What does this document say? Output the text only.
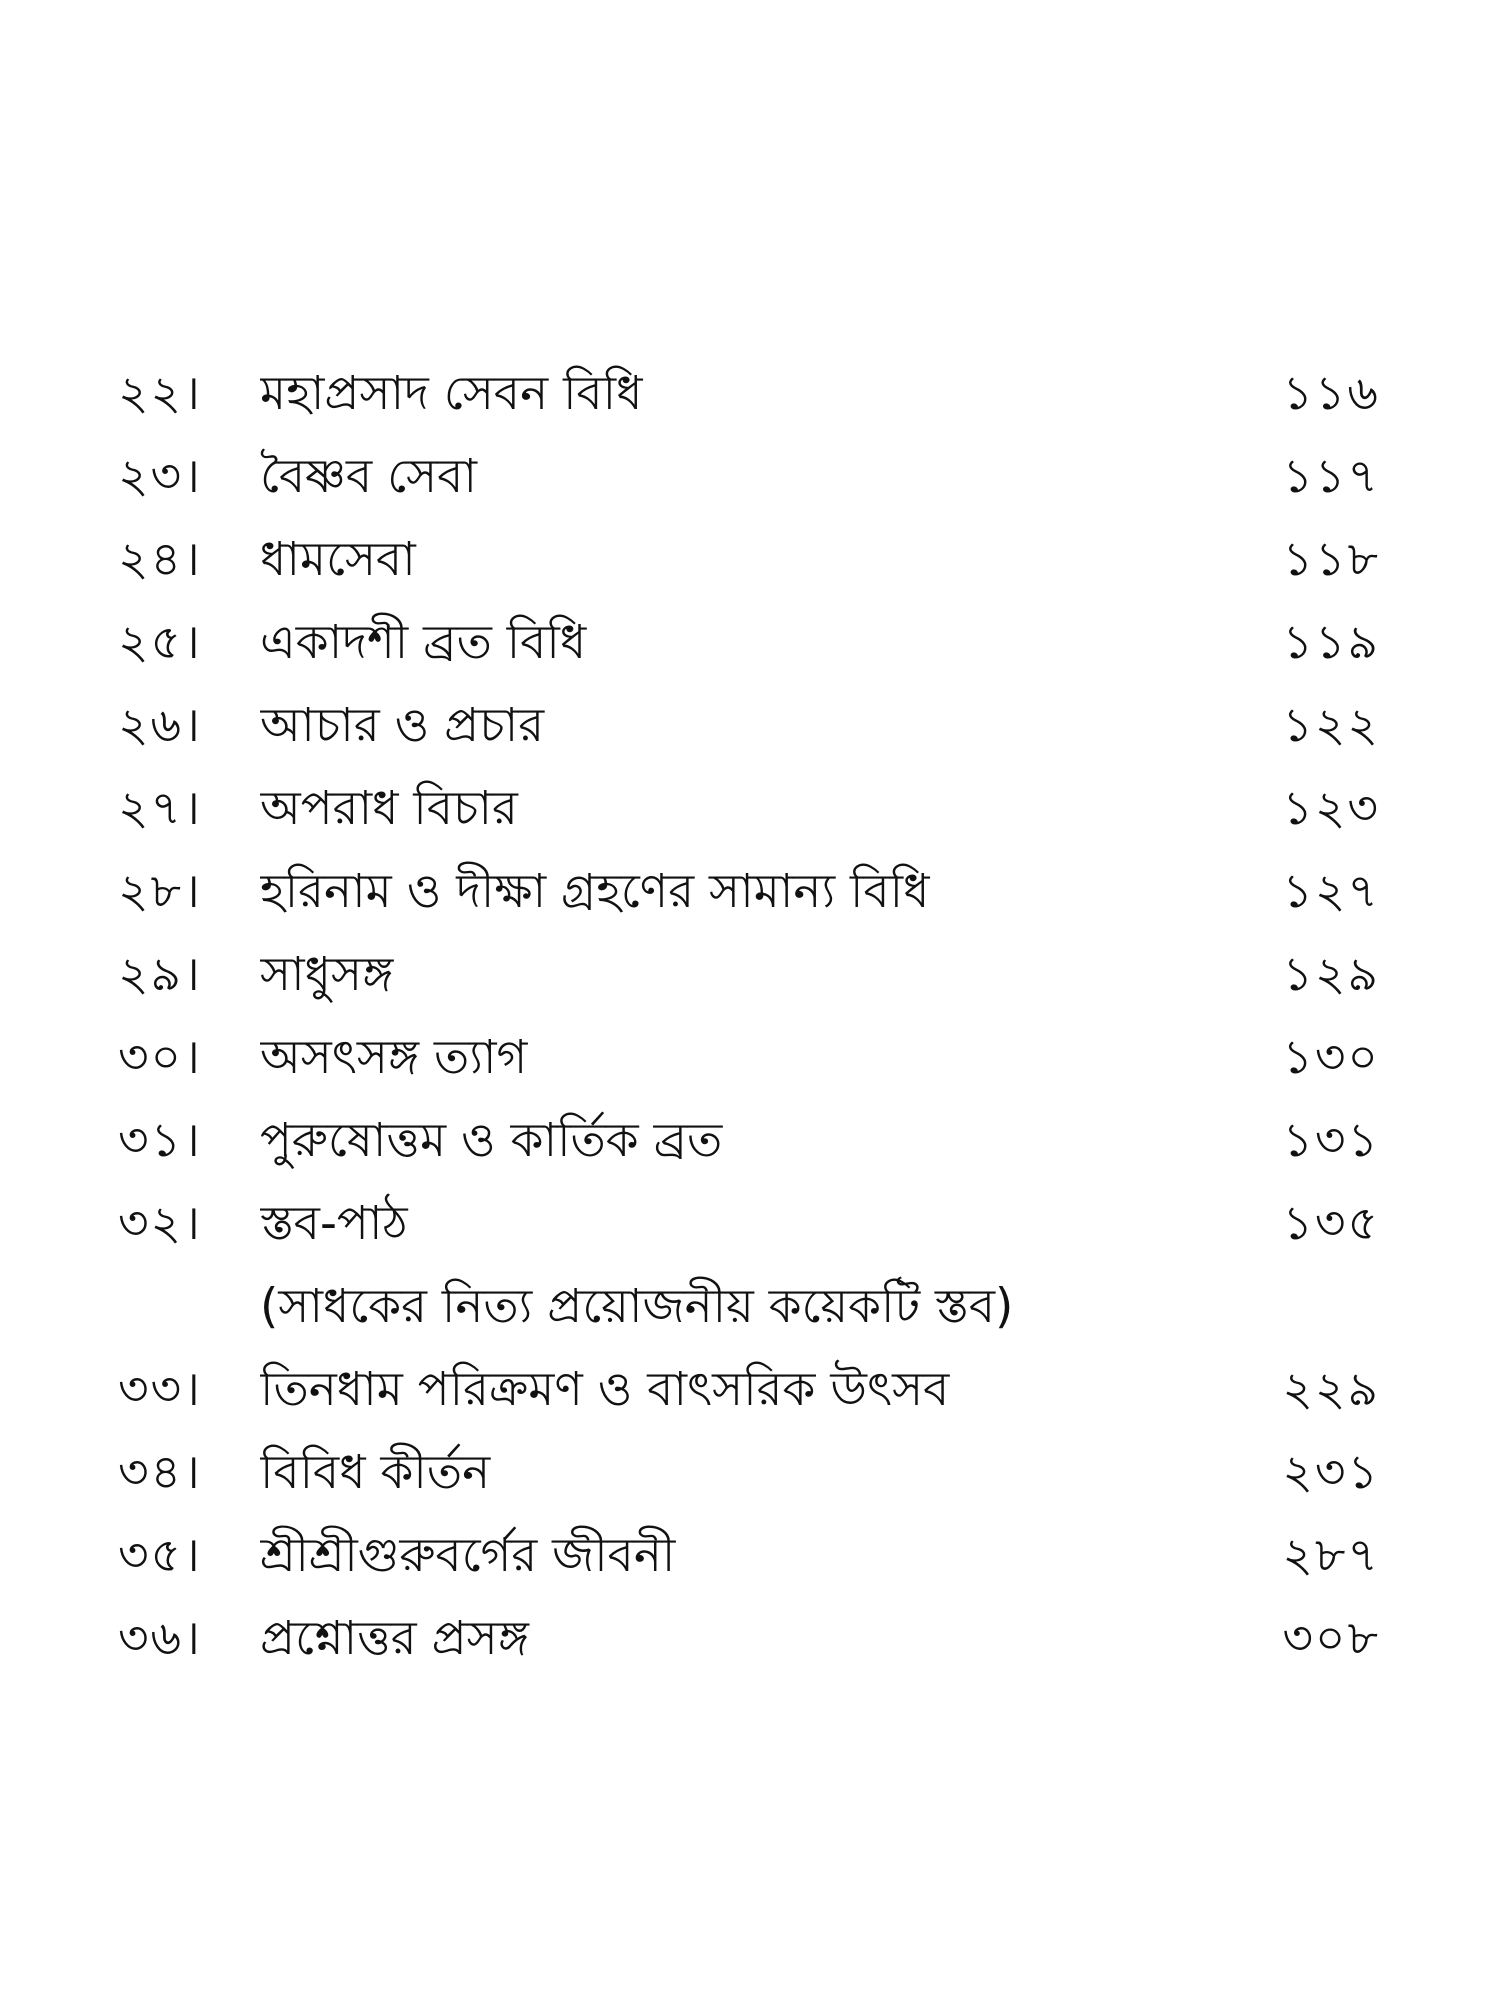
২২।	মহাপ্রসাদ সেবন বিধি	১১৬
২৩।	বৈষ্ণব সেবা	১১৭
২৪।	ধামসেবা	১১৮
২৫।	একাদশী ব্রত বিধি	১১৯
২৬।	আচার ও প্রচার	১২২
২৭।	অপরাধ বিচার	১২৩
২৮।	হরিনাম ও দীক্ষা গ্রহণের সামান্য বিধি	১২৭
২৯।	সাধুসঙ্গ	১২৯
৩০।	অসৎসঙ্গ ত্যাগ	১৩০
৩১।	পুরুষোত্তম ও কার্তিক ব্রত	১৩১
৩২।	স্তব-পাঠ	১৩৫
(সাধকের নিত্য প্রয়োজনীয় কয়েকটি স্তব)
৩৩।	তিনধাম পরিক্রমণ ও বাৎসরিক উৎসব	২২৯
৩৪।	বিবিধ কীর্তন	২৩১
৩৫।	শ্রীশ্রীগুরুবর্গের জীবনী	২৮৭
৩৬।	প্রশ্নোত্তর প্রসঙ্গ	৩০৮
